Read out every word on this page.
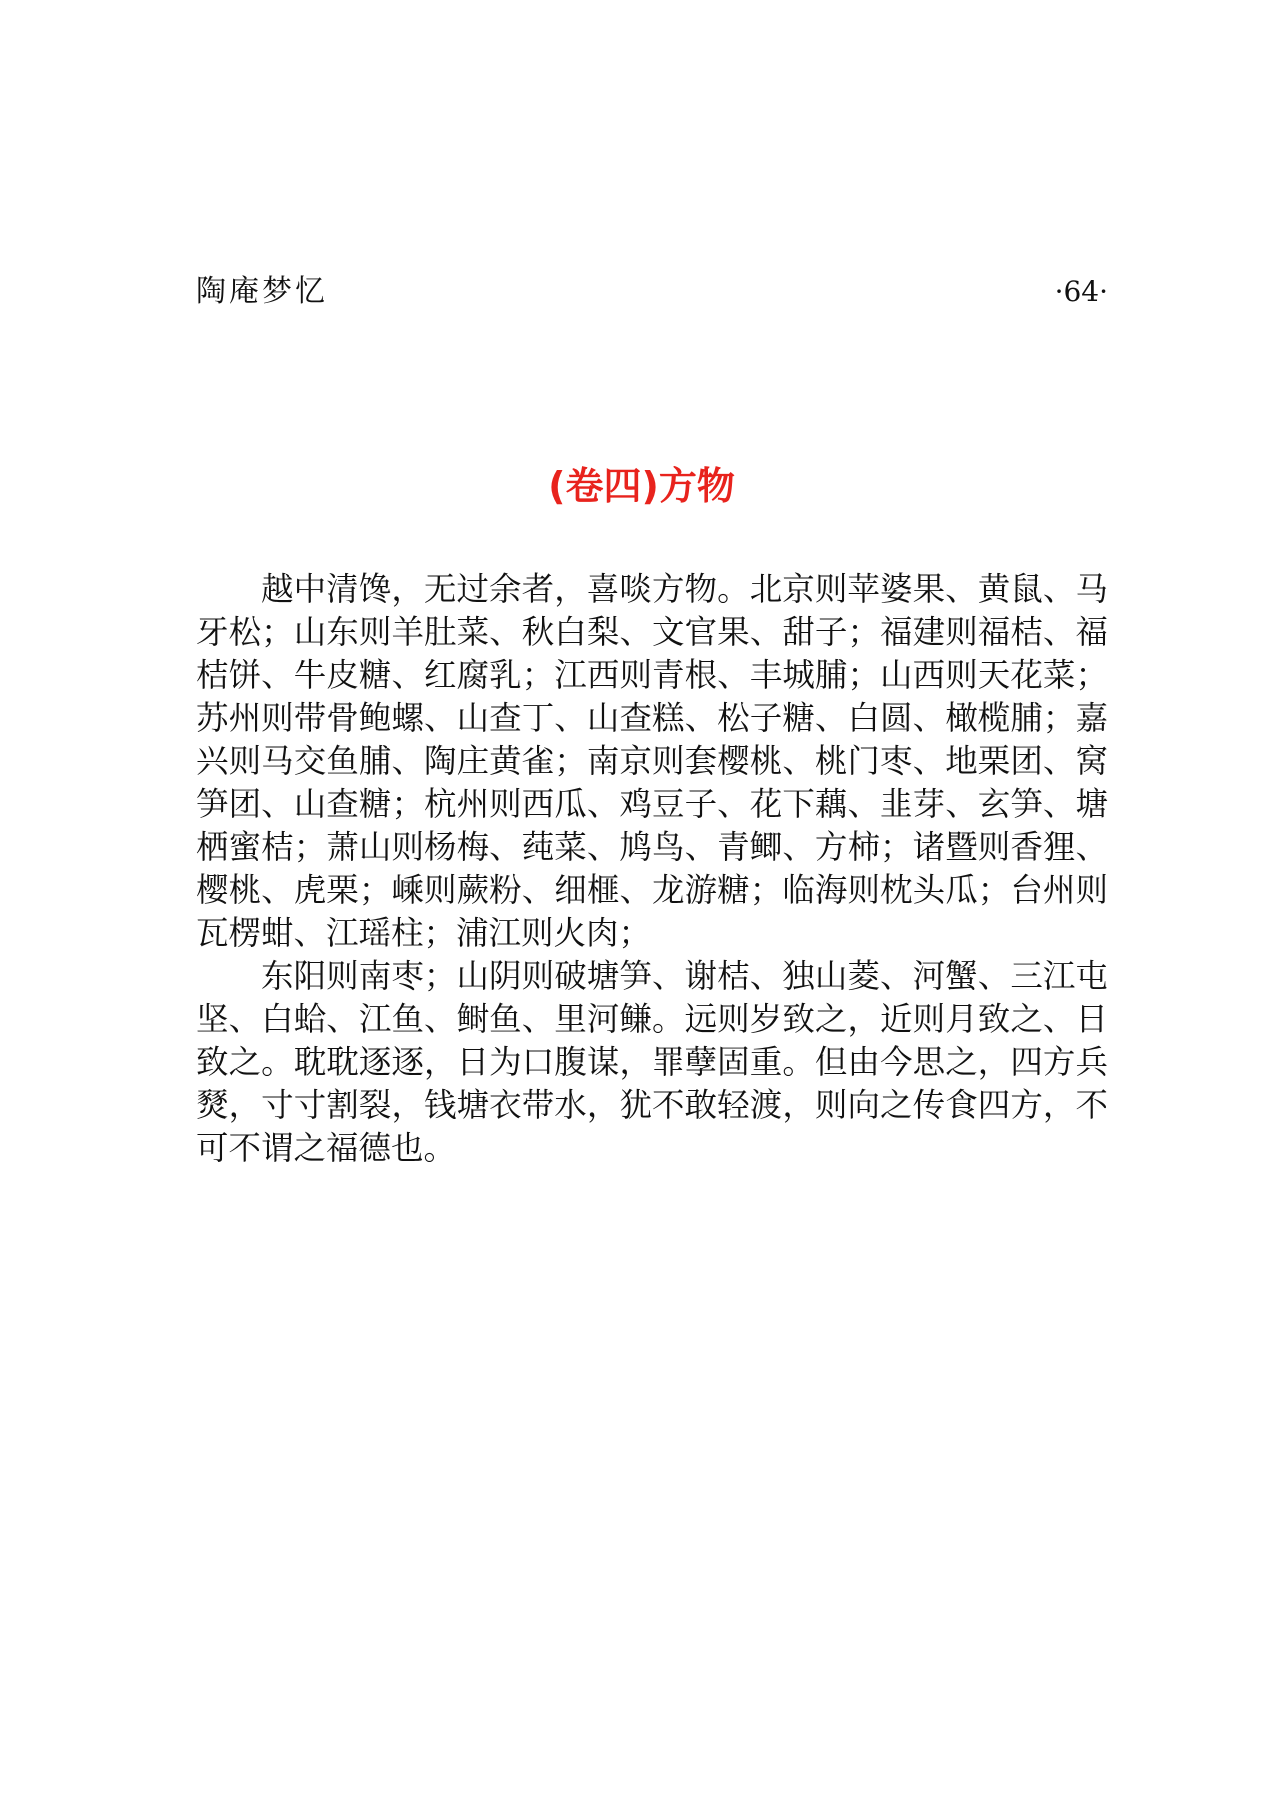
陶庵梦忆	·64·
(卷四)方物

越中清馋，无过余者，喜啖方物。北京则苹婆果、黄鼠、马牙松；山东则羊肚菜、秋白梨、文官果、甜子；福建则福桔、福桔饼、牛皮糖、红腐乳；江西则青根、丰城脯；山西则天花菜；苏州则带骨鲍螺、山查丁、山查糕、松子糖、白圆、橄榄脯；嘉兴则马交鱼脯、陶庄黄雀；南京则套樱桃、桃门枣、地栗团、窝笋团、山查糖；杭州则西瓜、鸡豆子、花下藕、韭芽、玄笋、塘栖蜜桔；萧山则杨梅、莼菜、鸠鸟、青鲫、方柿；诸暨则香狸、樱桃、虎栗；嵊则蕨粉、细榧、龙游糖；临海则枕头瓜；台州则瓦楞蚶、江瑶柱；浦江则火肉；

东阳则南枣；山阴则破塘笋、谢桔、独山菱、河蟹、三江屯坚、白蛤、江鱼、鲥鱼、里河鳒。远则岁致之，近则月致之、日致之。耽耽逐逐，日为口腹谋，罪孽固重。但由今思之，四方兵燹，寸寸割裂，钱塘衣带水，犹不敢轻渡，则向之传食四方，不可不谓之福德也。
